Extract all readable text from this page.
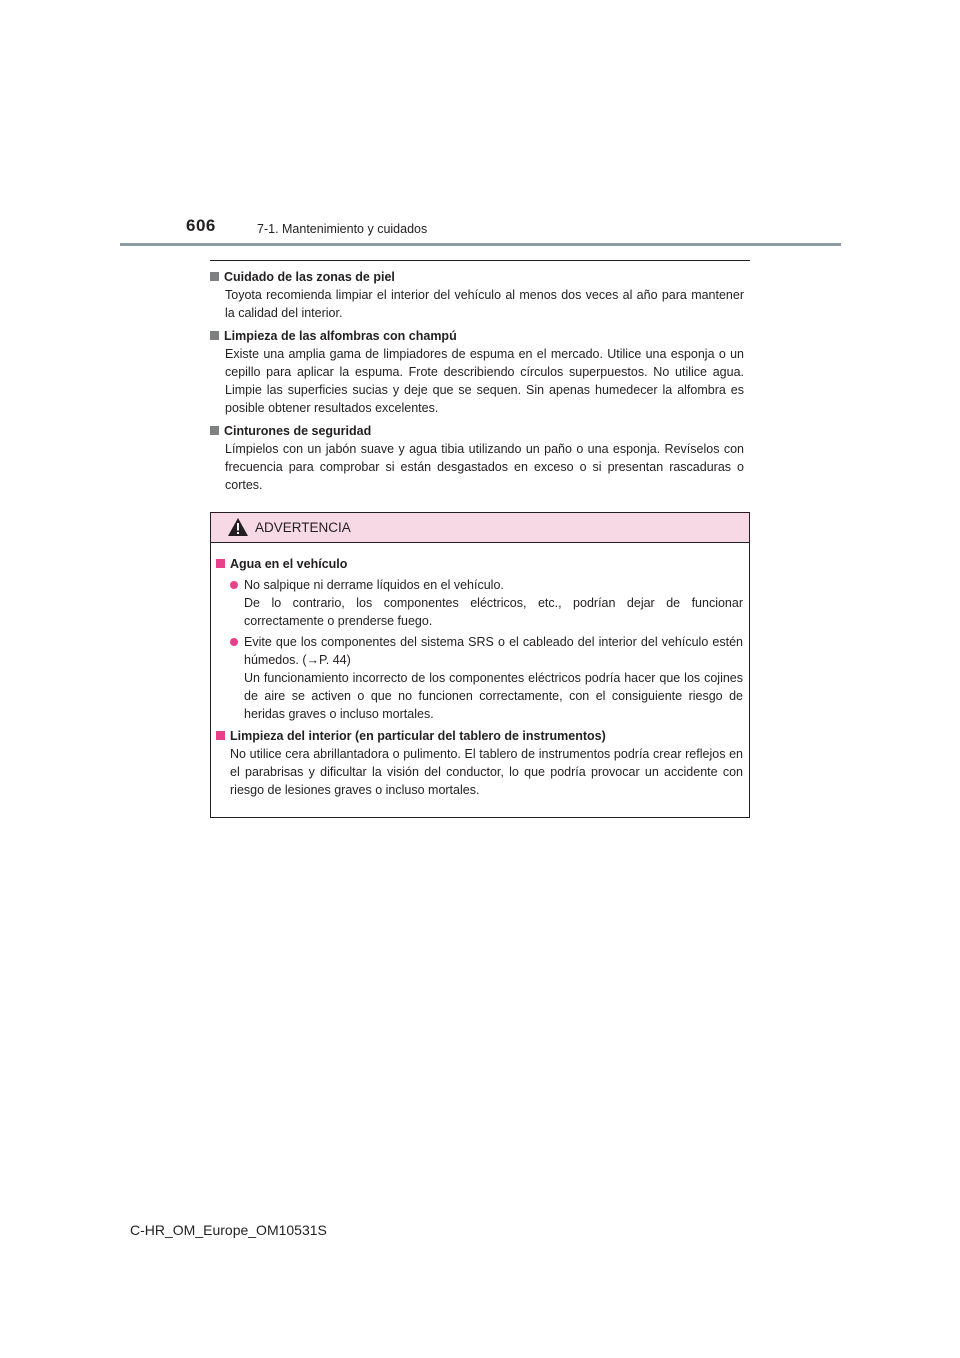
606	7-1. Mantenimiento y cuidados
Cuidado de las zonas de piel
Toyota recomienda limpiar el interior del vehículo al menos dos veces al año para mantener la calidad del interior.
Limpieza de las alfombras con champú
Existe una amplia gama de limpiadores de espuma en el mercado. Utilice una esponja o un cepillo para aplicar la espuma. Frote describiendo círculos superpuestos. No utilice agua. Limpie las superficies sucias y deje que se sequen. Sin apenas humedecer la alfombra es posible obtener resultados excelentes.
Cinturones de seguridad
Límpielos con un jabón suave y agua tibia utilizando un paño o una esponja. Revíselos con frecuencia para comprobar si están desgastados en exceso o si presentan rascaduras o cortes.
ADVERTENCIA
Agua en el vehículo
No salpique ni derrame líquidos en el vehículo.
De lo contrario, los componentes eléctricos, etc., podrían dejar de funcionar correctamente o prenderse fuego.
Evite que los componentes del sistema SRS o el cableado del interior del vehículo estén húmedos. (→P. 44)
Un funcionamiento incorrecto de los componentes eléctricos podría hacer que los cojines de aire se activen o que no funcionen correctamente, con el consiguiente riesgo de heridas graves o incluso mortales.
Limpieza del interior (en particular del tablero de instrumentos)
No utilice cera abrillantadora o pulimento. El tablero de instrumentos podría crear reflejos en el parabrisas y dificultar la visión del conductor, lo que podría provocar un accidente con riesgo de lesiones graves o incluso mortales.
C-HR_OM_Europe_OM10531S
